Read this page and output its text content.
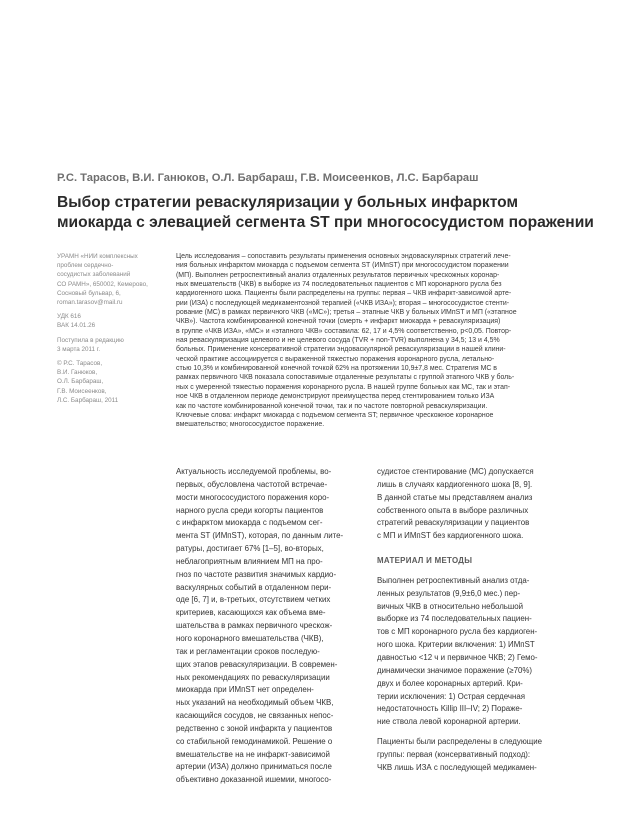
Р.С. Тарасов, В.И. Ганюков, О.Л. Барбараш, Г.В. Моисеенков, Л.С. Барбараш
Выбор стратегии реваскуляризации у больных инфарктом
миокарда с элевацией сегмента ST при многососудистом поражении
УРАМН «НИИ комплексных
проблем сердечно-
сосудистых заболеваний
СО РАМН», 650002, Кемерово,
Сосновый бульвар, 6,
roman.tarasov@mail.ru
УДК 616
ВАК 14.01.26
Поступила в редакцию
3 марта 2011 г.
© Р.С. Тарасов,
В.И. Ганюков,
О.Л. Барбараш,
Г.В. Моисеенков,
Л.С. Барбараш, 2011
Цель исследования – сопоставить результаты применения основных эндоваскулярных стратегий лече-
ния больных инфарктом миокарда с подъемом сегмента ST (ИМпST) при многососудистом поражении
(МП). Выполнен ретроспективный анализ отдаленных результатов первичных чрескожных коронар-
ных вмешательств (ЧКВ) в выборке из 74 последовательных пациентов с МП коронарного русла без
кардиогенного шока. Пациенты были распределены на группы: первая – ЧКВ инфаркт-зависимой арте-
рии (ИЗА) с последующей медикаментозной терапией («ЧКВ ИЗА»); вторая – многососудистое стенти-
рование (МС) в рамках первичного ЧКВ («МС»); третья – этапные ЧКВ у больных ИМпST и МП («этапное
ЧКВ»). Частота комбинированной конечной точки (смерть + инфаркт миокарда + реваскуляризация)
в группе «ЧКВ ИЗА», «МС» и «этапного ЧКВ» составила: 62, 17 и 4,5% соответственно, р<0,05. Повтор-
ная реваскуляризация целевого и не целевого сосуда (TVR + non-TVR) выполнена у 34,5; 13 и 4,5%
больных. Применение консервативной стратегии эндоваскулярной реваскуляризации в нашей клини-
ческой практике ассоциируется с выраженной тяжестью поражения коронарного русла, летально-
стью 10,3% и комбинированной конечной точкой 62% на протяжении 10,9±7,8 мес. Стратегия МС в
рамках первичного ЧКВ показала сопоставимые отдаленные результаты с группой этапного ЧКВ у боль-
ных с умеренной тяжестью поражения коронарного русла. В нашей группе больных как МС, так и этап-
ное ЧКВ в отдаленном периоде демонстрируют преимущества перед стентированием только ИЗА
как по частоте комбинированной конечной точки, так и по частоте повторной реваскуляризации.
Ключевые слова: инфаркт миокарда с подъемом сегмента ST; первичное чрескожное коронарное
вмешательство; многососудистое поражение.
Актуальность исследуемой проблемы, во-
первых, обусловлена частотой встречае-
мости многососудистого поражения коро-
нарного русла среди когорты пациентов
с инфарктом миокарда с подъемом сег-
мента ST (ИМпST), которая, по данным лите-
ратуры, достигает 67% [1–5], во-вторых,
неблагоприятным влиянием МП на про-
гноз по частоте развития значимых кардио-
васкулярных событий в отдаленном пери-
оде [6, 7] и, в-третьих, отсутствием четких
критериев, касающихся как объема вме-
шательства в рамках первичного чрескож-
ного коронарного вмешательства (ЧКВ),
так и регламентации сроков последую-
щих этапов реваскуляризации. В современ-
ных рекомендациях по реваскуляризации
миокарда при ИМпST нет определен-
ных указаний на необходимый объем ЧКВ,
касающийся сосудов, не связанных непос-
редственно с зоной инфаркта у пациентов
со стабильной гемодинамикой. Решение о
вмешательстве на не инфаркт-зависимой
артерии (ИЗА) должно приниматься после
объективно доказанной ишемии, многосо-
судистое стентирование (МС) допускается
лишь в случаях кардиогенного шока [8, 9].
В данной статье мы представляем анализ
собственного опыта в выборе различных
стратегий реваскуляризации у пациентов
с МП и ИМпST без кардиогенного шока.
МАТЕРИАЛ И МЕТОДЫ
Выполнен ретроспективный анализ отда-
ленных результатов (9,9±6,0 мес.) пер-
вичных ЧКВ в относительно небольшой
выборке из 74 последовательных пациен-
тов с МП коронарного русла без кардиоген-
ного шока. Критерии включения: 1) ИМпST
давностью <12 ч и первичное ЧКВ; 2) Гемо-
динамически значимое поражение (≥70%)
двух и более коронарных артерий. Кри-
терии исключения: 1) Острая сердечная
недостаточность Killip III–IV; 2) Пораже-
ние ствола левой коронарной артерии.
Пациенты были распределены в следующие
группы: первая (консервативный подход):
ЧКВ лишь ИЗА с последующей медикамен-
